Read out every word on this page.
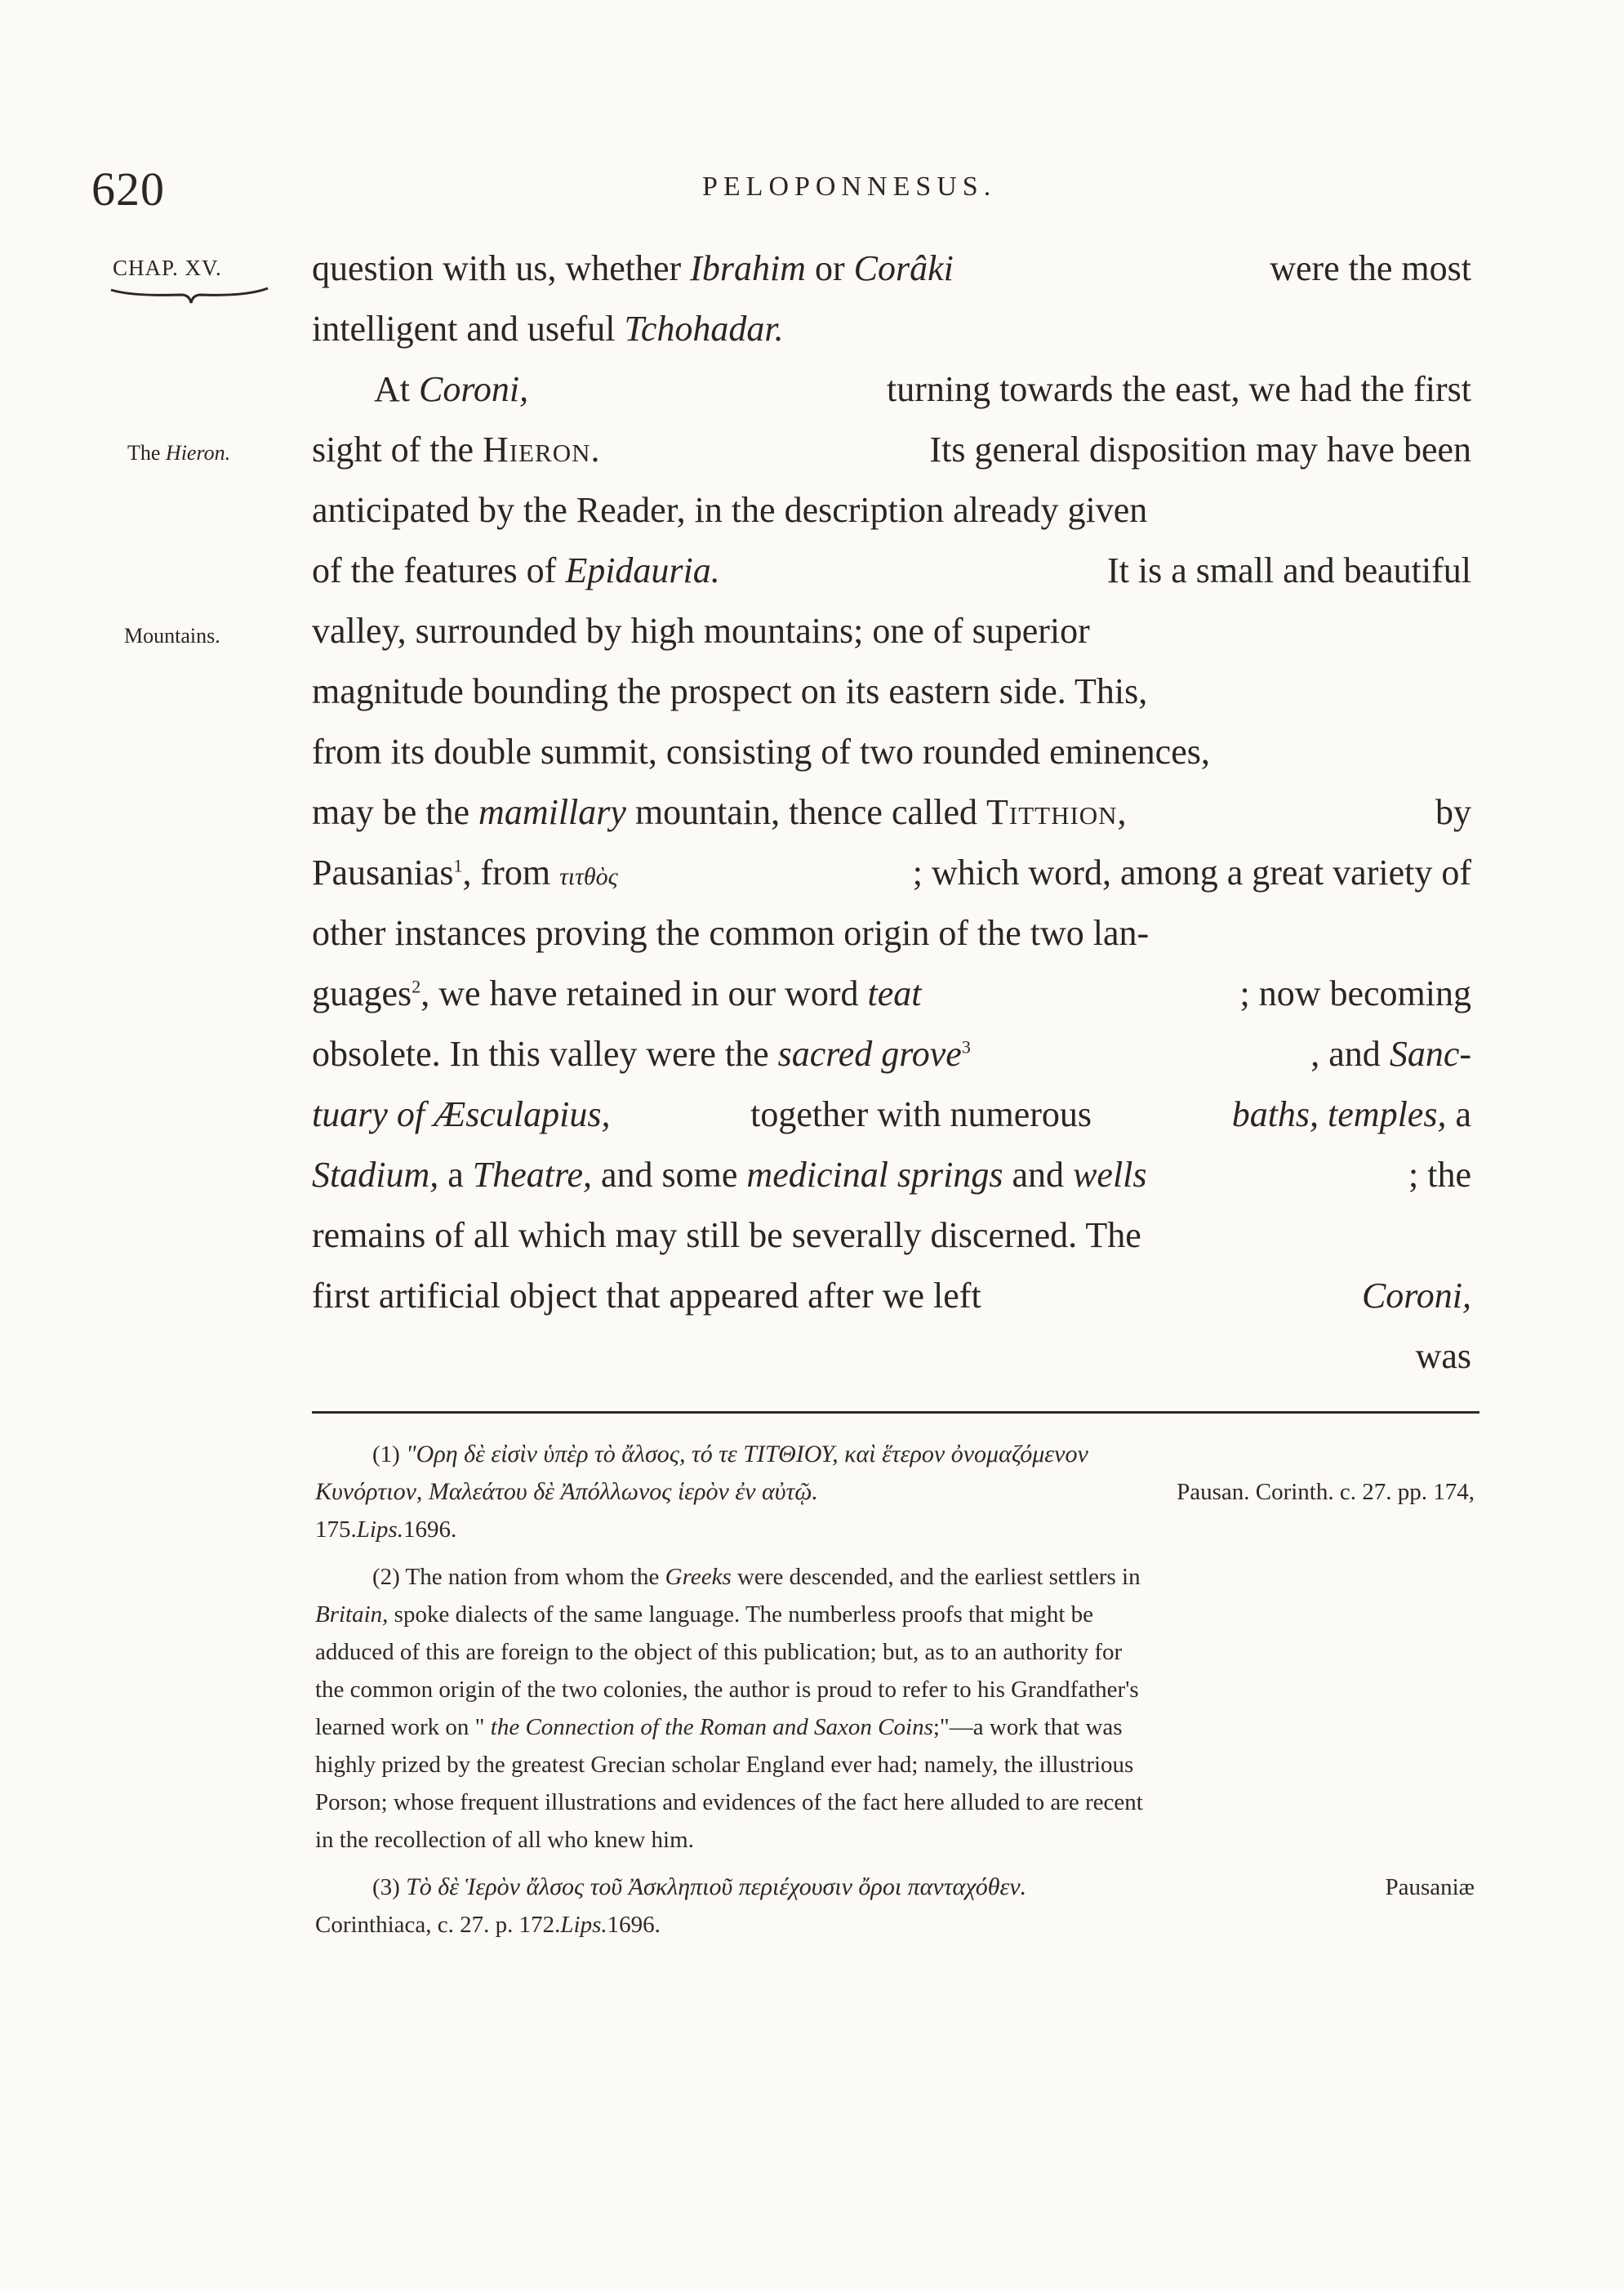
620	PELOPONNESUS.
CHAP. XV.
The Hieron.
Mountains.
question with us, whether Ibrahim or Corâki	were the most
intelligent and useful
Tchohadar.
At Coroni,	turning towards the east, we had the first
sight of the Hieron.	Its general disposition may have been
anticipated by the Reader, in the description already given
of the features of Epidauria.	It is a small and beautiful
valley, surrounded by high mountains; one of superior
magnitude bounding the prospect on its eastern side. This,
from its double summit, consisting of two rounded eminences,
may be the mamillary mountain, thence called Titthion,	by
Pausanias$^1$, from τιτθὸς	; which word, among a great variety of
other instances proving the common origin of the two lan-
guages$^2$, we have retained in our word teat	; now becoming
obsolete. In this valley were the sacred grove$^3$	, and Sanc-
tuary of Æsculapius,	together with numerous	baths, temples, a
Stadium, a Theatre, and some medicinal springs and wells	; the
remains of all which may still be severally discerned. The
first artificial object that appeared after we left	Coroni,
was
(1) "Ορη δὲ εἰσὶν ὑπὲρ τὸ ἄλσος, τό τε ΤΙΤΘΙΟΥ, καὶ ἕτερον ὀνομαζόμενον
Κυνόρτιον, Μαλεάτου δὲ Ἀπόλλωνος ἱερὸν ἐν αὐτῷ.	Pausan. Corinth. c. 27. pp. 174,
175. Lips. 1696.
(2) The nation from whom the Greeks were descended, and the earliest settlers in
Britain, spoke dialects of the same language. The numberless proofs that might be
adduced of this are foreign to the object of this publication; but, as to an authority for
the common origin of the two colonies, the author is proud to refer to his Grandfather's
learned work on " the Connection of the Roman and Saxon Coins;"—a work that was
highly prized by the greatest Grecian scholar England ever had; namely, the illustrious
Porson; whose frequent illustrations and evidences of the fact here alluded to are recent
in the recollection of all who knew him.
(3) Τὸ δὲ Ἱερὸν ἄλσος τοῦ Ἀσκληπιοῦ περιέχουσιν ὄροι πανταχόθεν.	Pausaniæ
Corinthiaca, c. 27. p. 172. Lips. 1696.
